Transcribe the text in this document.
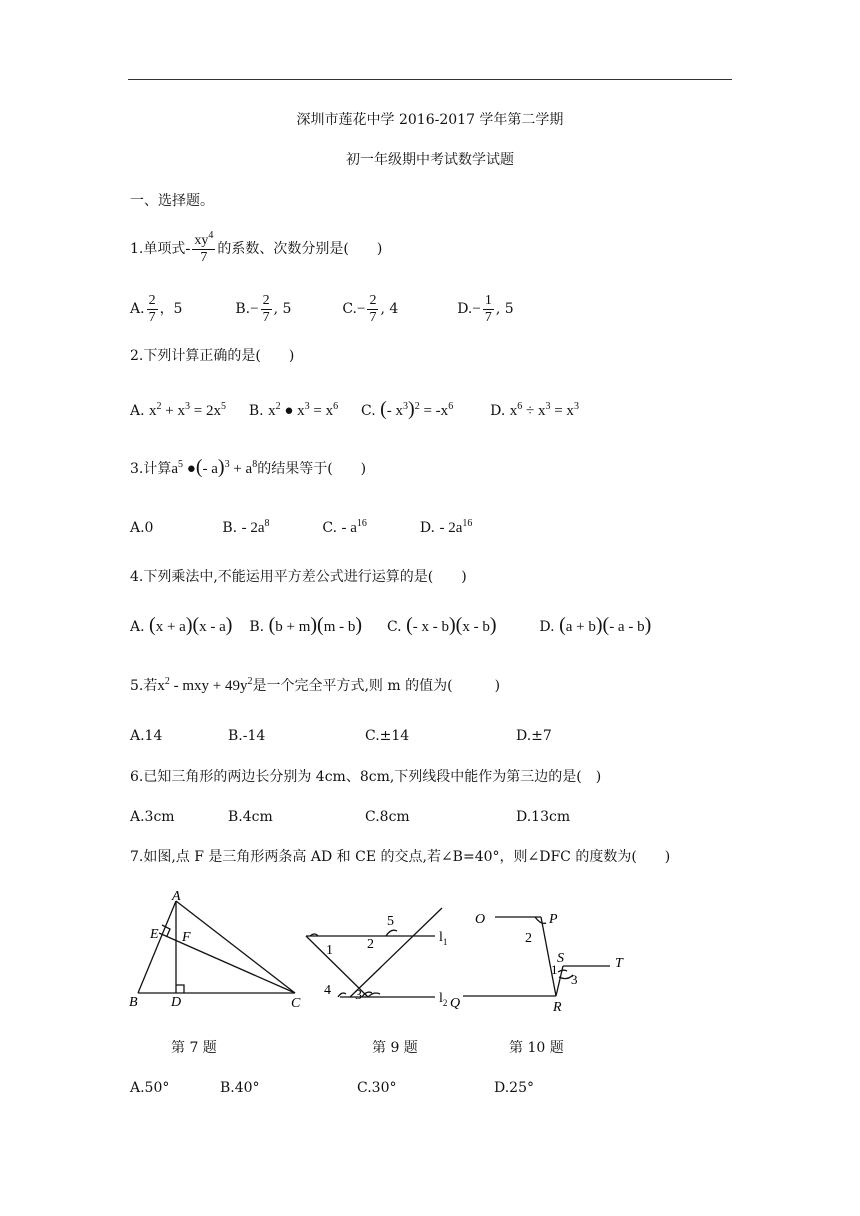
深圳市莲花中学 2016-2017 学年第二学期
初一年级期中考试数学试题
一、选择题。
1.单项式- $\frac{xy^4}{7}$ 的系数、次数分别是(　　)
A. $\frac{2}{7}$ ，5	$B.- \frac{2}{7}$ , 5	$C.- \frac{2}{7}$ , 4	$D.- \frac{1}{7}$ , 5
2.下列计算正确的是(　　)
A. $x^2 + x^3 = 2x^5$ B. $x^2$ ● $x^3 = x^6$ C. (- $x^3)^2 = -x^6$	D. $x^6 \div x^3 = x^3$
3.计算$a^5$ ●(- $a)^3 + a^8$的结果等于(　　)
A.0	B. - $2a^8$	C. - $a^{16}$	D. - $2a^{16}$
4.下列乘法中,不能运用平方差公式进行运算的是(　　)
A. (x + a)(x - a) B. (b + m)(m - b) C. (- x - b)(x - b)	D. (a + b)(- a - b)
5.若$x^2$ - mxy + $49y^2$是一个完全平方式,则 m 的值为(　　　)
A.14	B.-14	C.±14	D.±7
6.已知三角形的两边长分别为 4cm、8cm,下列线段中能作为第三边的是(　)
A.3cm	B.4cm	C.8cm	D.13cm
7.如图,点 F 是三角形两条高 AD 和 CE 的交点,若∠B=40°，则∠DFC 的度数为(　　)
A
E F
B D	C
1 2
5
4 3
$l_1$
$l_2$
O	P
2
S	T
1
3
R
Q
第 7 题	第 9 题	第 10 题
A.50°	B.40°	C.30°	D.25°
